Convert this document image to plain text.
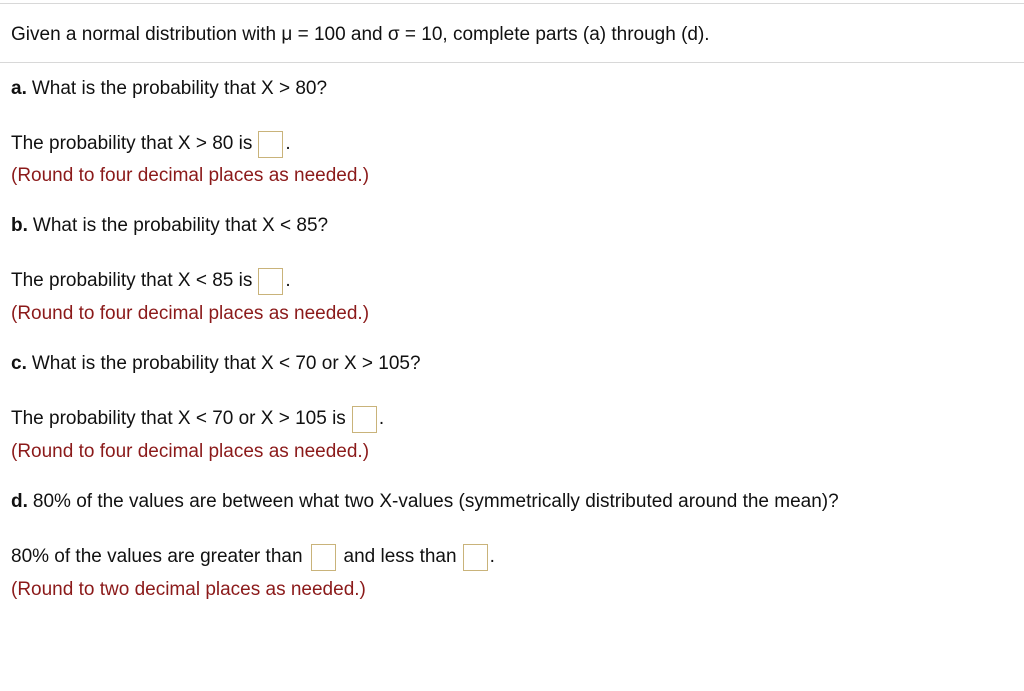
Given a normal distribution with μ = 100 and σ = 10, complete parts (a) through (d).
a. What is the probability that X > 80?
The probability that X > 80 is .
(Round to four decimal places as needed.)
b. What is the probability that X < 85?
The probability that X < 85 is .
(Round to four decimal places as needed.)
c. What is the probability that X < 70 or X > 105?
The probability that X < 70 or X > 105 is .
(Round to four decimal places as needed.)
d. 80% of the values are between what two X-values (symmetrically distributed around the mean)?
80% of the values are greater than and less than .
(Round to two decimal places as needed.)
